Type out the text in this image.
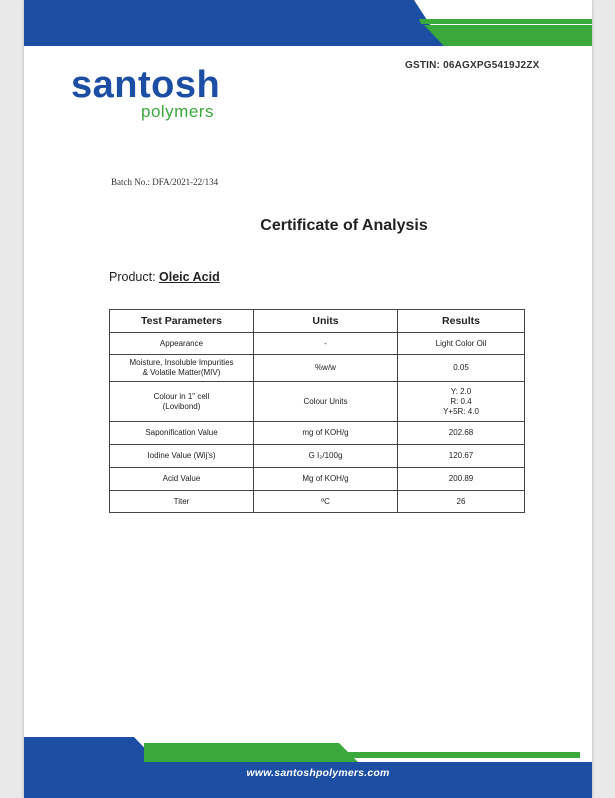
GSTIN: 06AGXPG5419J2ZX
santosh
polymers
Batch No.: DFA/2021-22/134
Certificate of Analysis
Product: Oleic Acid
Test Parameters	Units	Results
Appearance	-	Light Color Oil
Moisture, Insoluble Impurities
& Volatile Matter(MIV)	%w/w	0.05
Colour in 1" cell
(Lovibond)	Colour Units	Y: 2.0
R: 0.4
Y+5R: 4.0
Saponification Value	mg of KOH/g	202.68
Iodine Value (Wij's)	G I₂/100g	120.67
Acid Value	Mg of KOH/g	200.89
Titer	ºC	26
www.santoshpolymers.com
